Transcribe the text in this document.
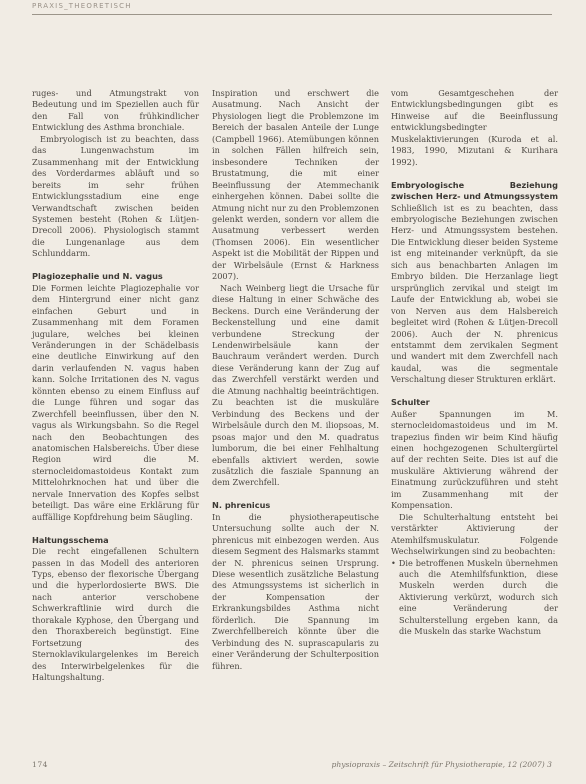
PRAXIS_THEORETISCH

ruges- und Atmungstrakt von Bedeutung und im Speziellen auch für den Fall von frühkindlicher Entwicklung des Asthma bronchiale.

Embryologisch ist zu beachten, dass das Lungenwachstum im Zusammenhang mit der Entwicklung des Vorderdarmes abläuft und so bereits im sehr frühen Entwicklungsstadium eine enge Verwandtschaft zwischen beiden Systemen besteht (Rohen & Lütjen-Drecoll 2006). Physiologisch stammt die Lungenanlage aus dem Schlunddarm.

Plagiozephalie und N. vagus

Die Formen leichte Plagiozephalie vor dem Hintergrund einer nicht ganz einfachen Geburt und in Zusammenhang mit dem Foramen jugulare, welches bei kleinen Veränderungen in der Schädelbasis eine deutliche Einwirkung auf den darin verlaufenden N. vagus haben kann. Solche Irritationen des N. vagus könnten ebenso zu einem Einfluss auf die Lunge führen und sogar das Zwerchfell beeinflussen, über den N. vagus als Wirkungsbahn. So die Regel nach den Beobachtungen des anatomischen Halsbereichs. Über diese Region wird die M. sternocleidomastoideus Kontakt zum Mittelohrknochen hat und über die nervale Innervation des Kopfes selbst beteiligt. Das wäre eine Erklärung für auffällige Kopfdrehung beim Säugling.

Haltungsschema

Die recht eingefallenen Schultern passen in das Modell des anterioren Typs, ebenso der flexorische Übergang und die hyperlordosierte BWS. Die nach anterior verschobene Schwerkraftlinie wird durch die thorakale Kyphose, den Übergang und den Thoraxbereich begünstigt. Eine Fortsetzung des Sternoklavikulargelenkes im Bereich des Interwirbelgelenkes für die Haltungshaltung.

Inspiration und erschwert die Ausatmung. Nach Ansicht der Physiologen liegt die Problemzone im Bereich der basalen Anteile der Lunge (Campbell 1966). Atemübungen können in solchen Fällen hilfreich sein, insbesondere Techniken der Brustatmung, die mit einer Beeinflussung der Atemmechanik einhergehen können. Dabei sollte die Atmung nicht nur zu den Problemzonen gelenkt werden, sondern vor allem die Ausatmung verbessert werden (Thomsen 2006). Ein wesentlicher Aspekt ist die Mobilität der Rippen und der Wirbelsäule (Ernst & Harkness 2007).

Nach Weinberg liegt die Ursache für diese Haltung in einer Schwäche des Beckens. Durch eine Veränderung der Beckenstellung und eine damit verbundene Streckung der Lendenwirbelsäule kann der Bauchraum verändert werden. Durch diese Veränderung kann der Zug auf das Zwerchfell verstärkt werden und die Atmung nachhaltig beeinträchtigen. Zu beachten ist die muskuläre Verbindung des Beckens und der Wirbelsäule durch den M. iliopsoas, M. psoas major und den M. quadratus lumborum, die bei einer Fehlhaltung ebenfalls aktiviert werden, sowie zusätzlich die fasziale Spannung an dem Zwerchfell.

N. phrenicus

In die physiotherapeutische Untersuchung sollte auch der N. phrenicus mit einbezogen werden. Aus diesem Segment des Halsmarks stammt der N. phrenicus seinen Ursprung. Diese wesentlich zusätzliche Belastung des Atmungssystems ist sicherlich in der Kompensation der Erkrankungsbildes Asthma nicht förderlich. Die Spannung im Zwerchfellbereich könnte über die Verbindung des N. suprascapularis zu einer Veränderung der Schulterposition führen.

vom Gesamtgeschehen der Entwicklungsbedingungen gibt es Hinweise auf die Beeinflussung entwicklungsbedingter Muskelaktivierungen (Kuroda et al. 1983, 1990, Mizutani & Kurihara 1992).

Embryologische Beziehung zwischen Herz- und Atmungssystem

Schließlich ist es zu beachten, dass embryologische Beziehungen zwischen Herz- und Atmungssystem bestehen. Die Entwicklung dieser beiden Systeme ist eng miteinander verknüpft, da sie sich aus benachbarten Anlagen im Embryo bilden. Die Herzanlage liegt ursprünglich zervikal und steigt im Laufe der Entwicklung ab, wobei sie von Nerven aus dem Halsbereich begleitet wird (Rohen & Lütjen-Drecoll 2006). Auch der N. phrenicus entstammt dem zervikalen Segment und wandert mit dem Zwerchfell nach kaudal, was die segmentale Verschaltung dieser Strukturen erklärt.

Schulter

Außer Spannungen im M. sternocleidomastoideus und im M. trapezius finden wir beim Kind häufig einen hochgezogenen Schultergürtel auf der rechten Seite. Dies ist auf die muskuläre Aktivierung während der Einatmung zurückzuführen und steht im Zusammenhang mit der Kompensation.

Die Schulterhaltung entsteht bei verstärkter Aktivierung der Atemhilfsmuskulatur. Folgende Wechselwirkungen sind zu beobachten:

• Die betroffenen Muskeln übernehmen auch die Atemhilfsfunktion, diese Muskeln werden durch die Aktivierung verkürzt, wodurch sich eine Veränderung der Schulterstellung ergeben kann, da die Muskeln das starke Wachstum

174	physiopraxis – Zeitschrift für Physiotherapie, 12 (2007) 3
